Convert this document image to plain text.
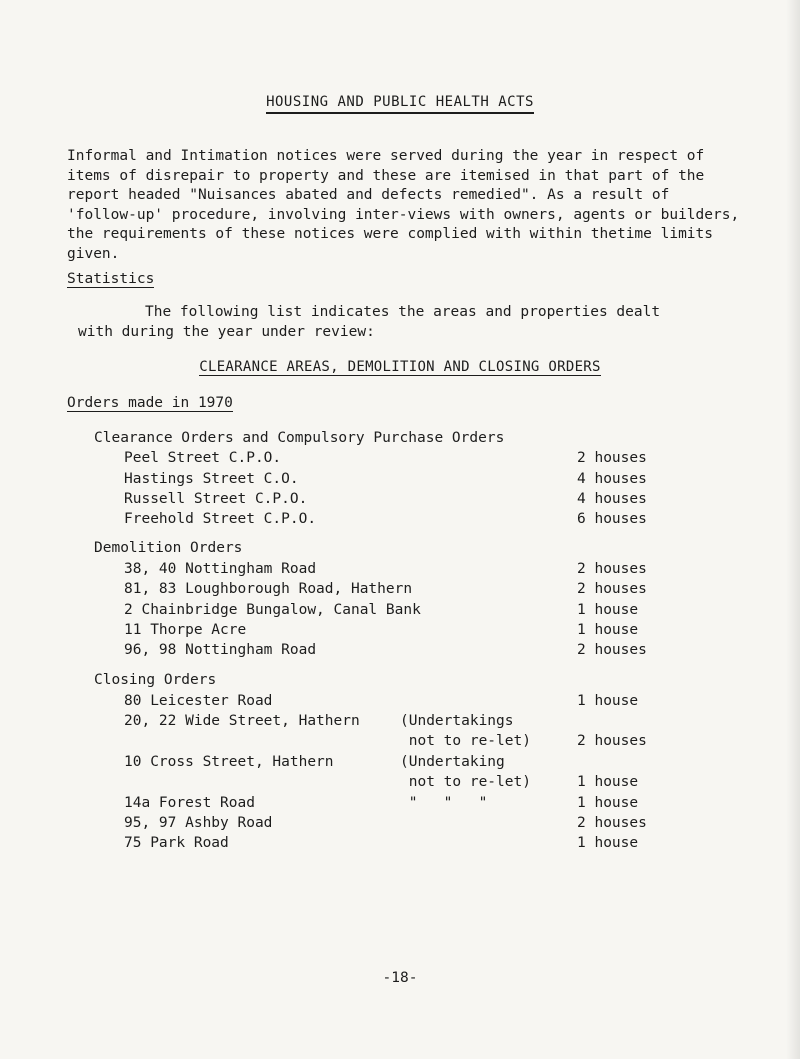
HOUSING AND PUBLIC HEALTH ACTS
Informal and Intimation notices were served during the year in respect of items of disrepair to property and these are itemised in that part of the report headed "Nuisances abated and defects remedied". As a result of 'follow-up' procedure, involving inter-views with owners, agents or builders, the requirements of these notices were complied with within thetime limits given.
Statistics
The following list indicates the areas and properties dealt
with during the year under review:
CLEARANCE AREAS, DEMOLITION AND CLOSING ORDERS
Orders made in 1970
Clearance Orders and Compulsory Purchase Orders
Peel Street C.P.O.	2 houses
Hastings Street C.O.	4 houses
Russell Street C.P.O.	4 houses
Freehold Street C.P.O.	6 houses
Demolition Orders
38, 40 Nottingham Road	2 houses
81, 83 Loughborough Road, Hathern	2 houses
2 Chainbridge Bungalow, Canal Bank	1 house
11 Thorpe Acre	1 house
96, 98 Nottingham Road	2 houses
Closing Orders
80 Leicester Road	1 house
20, 22 Wide Street, Hathern	(Undertakings
not to re-let)	2 houses
10 Cross Street, Hathern	(Undertaking
not to re-let)	1 house
14a Forest Road	"   "   "	1 house
95, 97 Ashby Road	2 houses
75 Park Road	1 house
-18-
